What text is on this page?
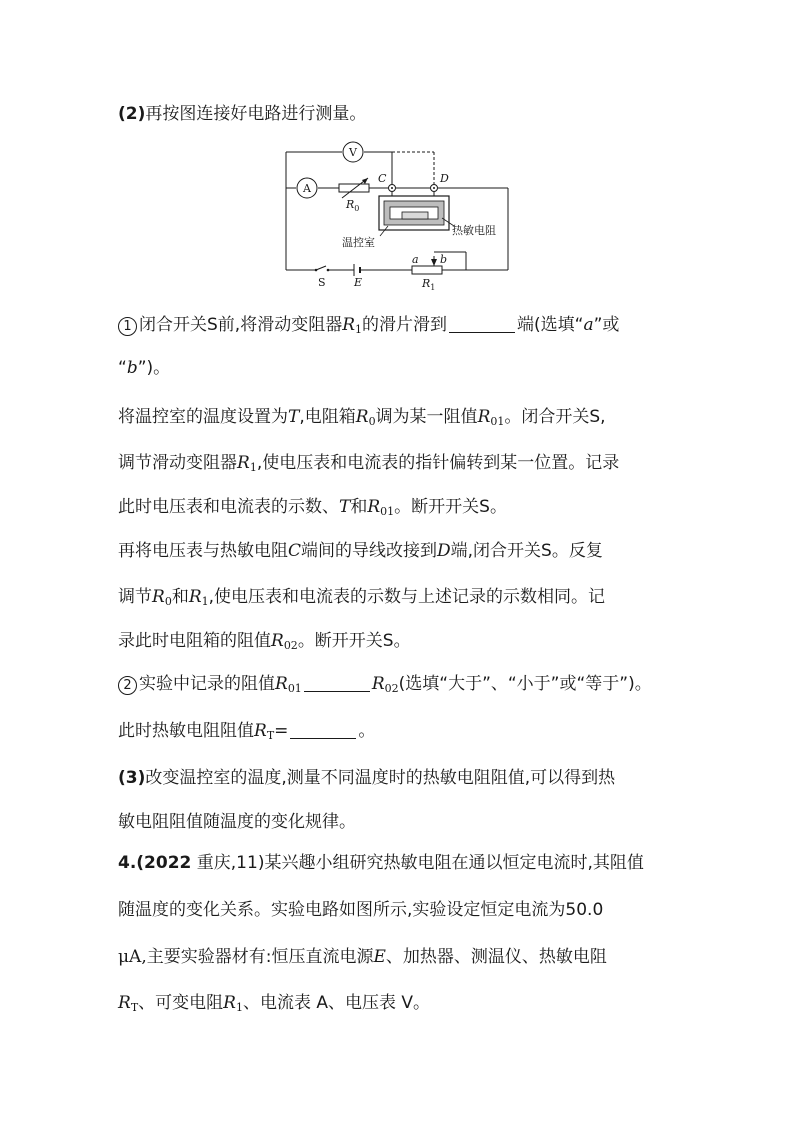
(2)再按图连接好电路进行测量。
V
A
$R_0$
C	D
热敏电阻
温控室
S	E
a b
$R_1$
1 闭合开关S前,将滑动变阻器$R_1$的滑片滑到	端(选填“a”或
“b”)。
将温控室的温度设置为T,电阻箱$R_0$调为某一阻值$R_{01}$。闭合开关S,
调节滑动变阻器$R_1$,使电压表和电流表的指针偏转到某一位置。记录
此时电压表和电流表的示数、T和$R_{01}$。断开开关S。
再将电压表与热敏电阻C端间的导线改接到D端,闭合开关S。反复
调节$R_0$和$R_1$,使电压表和电流表的示数与上述记录的示数相同。记
录此时电阻箱的阻值$R_{02}$。断开开关S。
2 实验中记录的阻值$R_{01}$	$R_{02}$(选填“大于”、“小于”或“等于”)。
此时热敏电阻阻值$R_T=$	。
(3)改变温控室的温度,测量不同温度时的热敏电阻阻值,可以得到热
敏电阻阻值随温度的变化规律。
4.(2022 重庆,11)某兴趣小组研究热敏电阻在通以恒定电流时,其阻值
随温度的变化关系。实验电路如图所示,实验设定恒定电流为50.0
μA,主要实验器材有:恒压直流电源E、加热器、测温仪、热敏电阻
$R_T$、可变电阻$R_1$、电流表 A、电压表 V。
